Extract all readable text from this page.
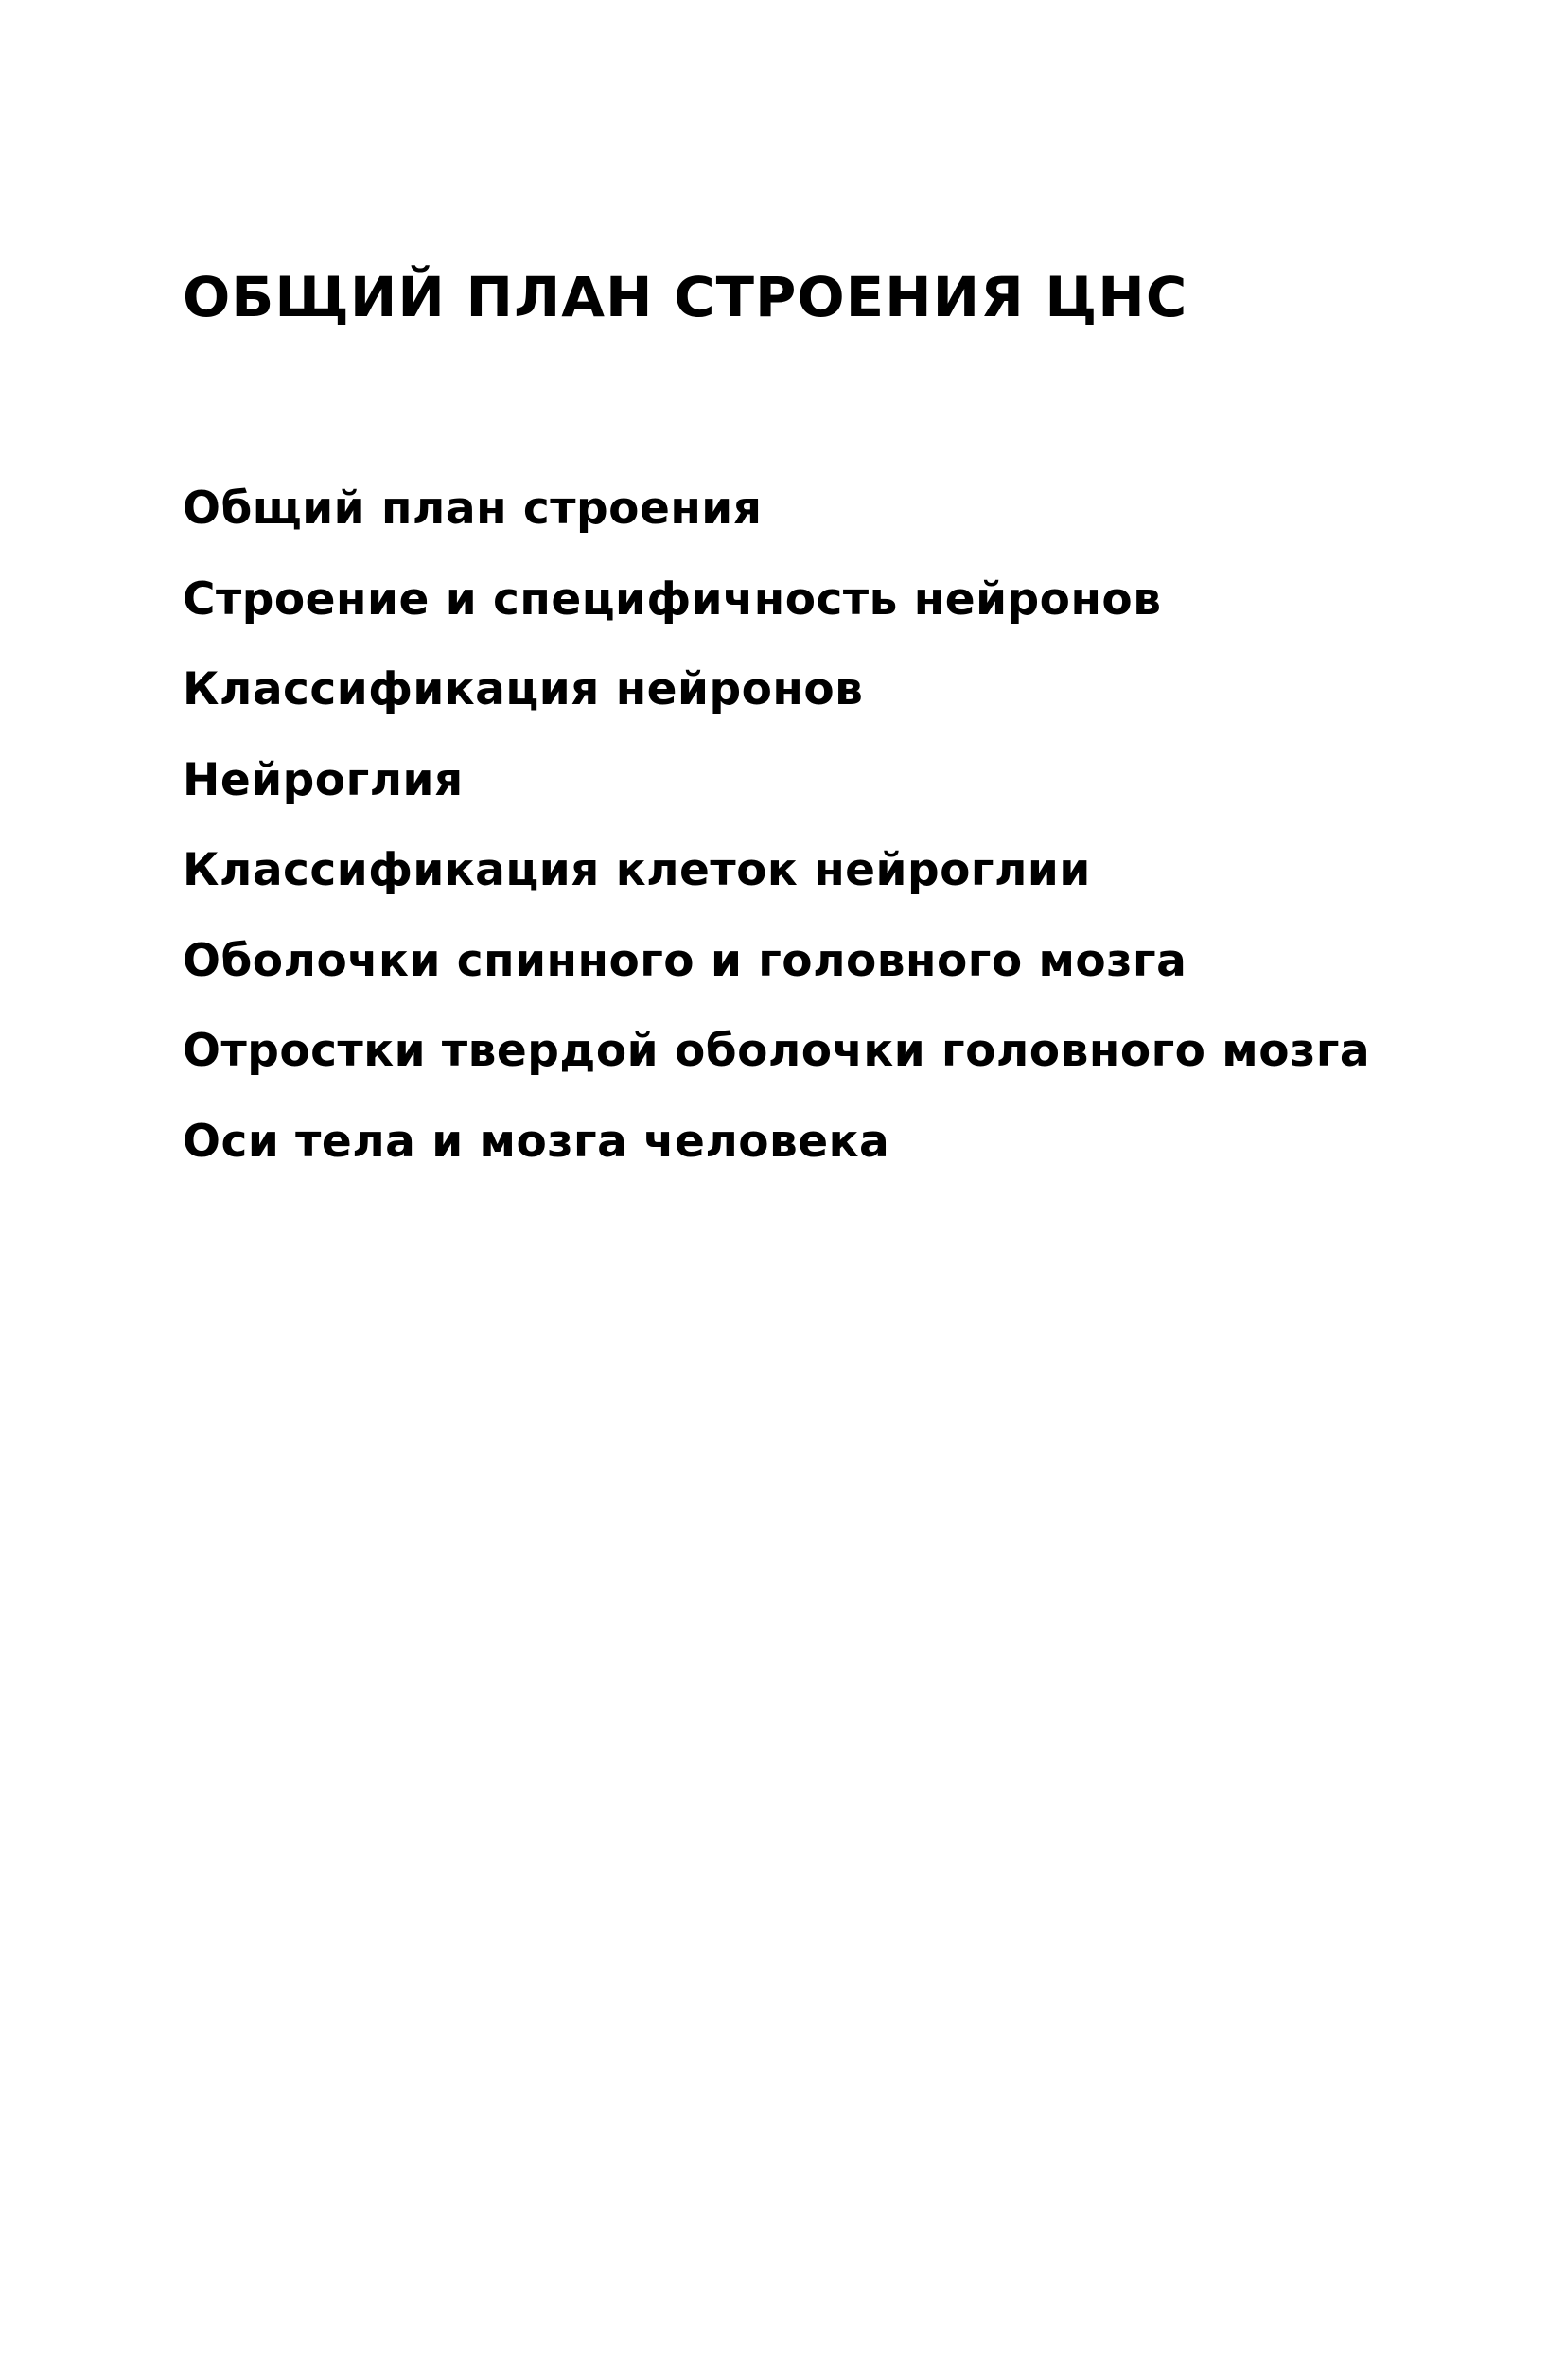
ОБЩИЙ ПЛАН СТРОЕНИЯ ЦНС
Общий план строения
Строение и специфичность нейронов
Классификация нейронов
Нейроглия
Классификация клеток нейроглии
Оболочки спинного и головного мозга
Отростки твердой оболочки головного мозга
Оси тела и мозга человека
